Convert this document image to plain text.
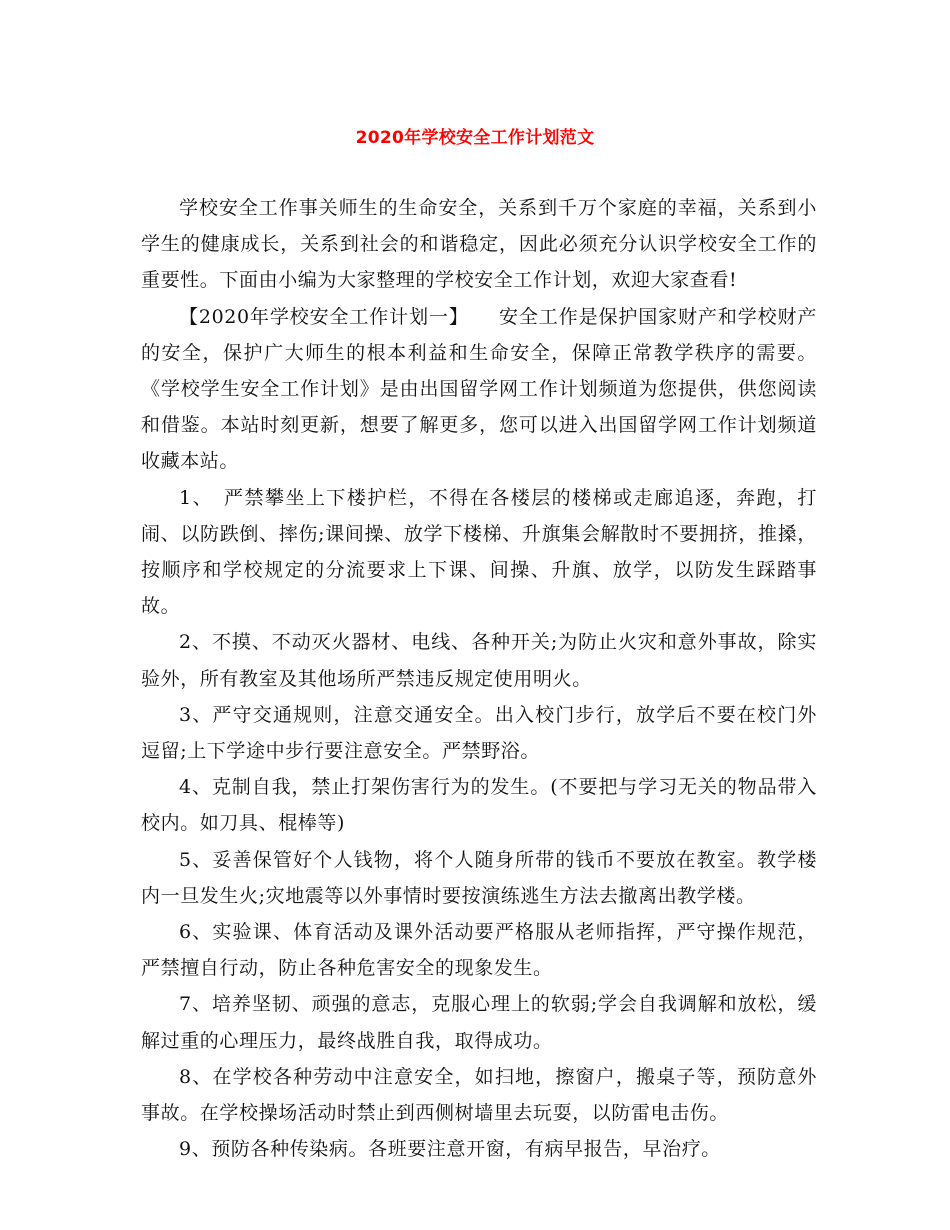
2020年学校安全工作计划范文

学校安全工作事关师生的生命安全，关系到千万个家庭的幸福，关系到小学生的健康成长，关系到社会的和谐稳定，因此必须充分认识学校安全工作的重要性。下面由小编为大家整理的学校安全工作计划，欢迎大家查看!

【2020年学校安全工作计划一】　　安全工作是保护国家财产和学校财产的安全，保护广大师生的根本利益和生命安全，保障正常教学秩序的需要。《学校学生安全工作计划》是由出国留学网工作计划频道为您提供，供您阅读和借鉴。本站时刻更新，想要了解更多，您可以进入出国留学网工作计划频道收藏本站。

1、　严禁攀坐上下楼护栏，不得在各楼层的楼梯或走廊追逐，奔跑，打闹、以防跌倒、摔伤;课间操、放学下楼梯、升旗集会解散时不要拥挤，推搡，按顺序和学校规定的分流要求上下课、间操、升旗、放学，以防发生踩踏事故。

2、不摸、不动灭火器材、电线、各种开关;为防止火灾和意外事故，除实验外，所有教室及其他场所严禁违反规定使用明火。

3、严守交通规则，注意交通安全。出入校门步行，放学后不要在校门外逗留;上下学途中步行要注意安全。严禁野浴。

4、克制自我，禁止打架伤害行为的发生。(不要把与学习无关的物品带入校内。如刀具、棍棒等)

5、妥善保管好个人钱物，将个人随身所带的钱币不要放在教室。教学楼内一旦发生火;灾地震等以外事情时要按演练逃生方法去撤离出教学楼。

6、实验课、体育活动及课外活动要严格服从老师指挥，严守操作规范，严禁擅自行动，防止各种危害安全的现象发生。

7、培养坚韧、顽强的意志，克服心理上的软弱;学会自我调解和放松，缓解过重的心理压力，最终战胜自我，取得成功。

8、在学校各种劳动中注意安全，如扫地，擦窗户，搬桌子等，预防意外事故。在学校操场活动时禁止到西侧树墙里去玩耍，以防雷电击伤。

9、预防各种传染病。各班要注意开窗，有病早报告，早治疗。
